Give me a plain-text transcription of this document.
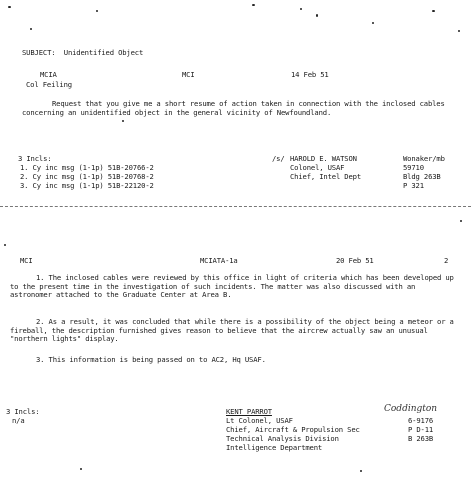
SUBJECT:  Unidentified Object
MCIA	MCI	14 Feb 51
Col Feiling
Request that you give me a short resume of action taken in connection with the inclosed cables concerning an unidentified object in the general vicinity of Newfoundland.
3 Incls:
1. Cy inc msg (1-1p) 51B-20766-2
2. Cy inc msg (1-1p) 51B-20768-2
3. Cy inc msg (1-1p) 51B-22120-2
/s/ HAROLD E. WATSON
Colonel, USAF
Chief, Intel Dept
Wonaker/mb
59710
Bldg 263B
P 321
MCI	MCIATA-1a	20 Feb 51	2
1. The inclosed cables were reviewed by this office in light of criteria which has been developed up to the present time in the investigation of such incidents. The matter was also discussed with an astronomer attached to the Graduate Center at Area B.
2. As a result, it was concluded that while there is a possibility of the object being a meteor or a fireball, the description furnished gives reason to believe that the aircrew actually saw an unusual "northern lights" display.
3. This information is being passed on to AC2, Hq USAF.
3 Incls:
n/a
KENT PARROT
Lt Colonel, USAF
Chief, Aircraft & Propulsion Sec
Technical Analysis Division
Intelligence Department
Coddington
6-9176
P D-11
B 263B
